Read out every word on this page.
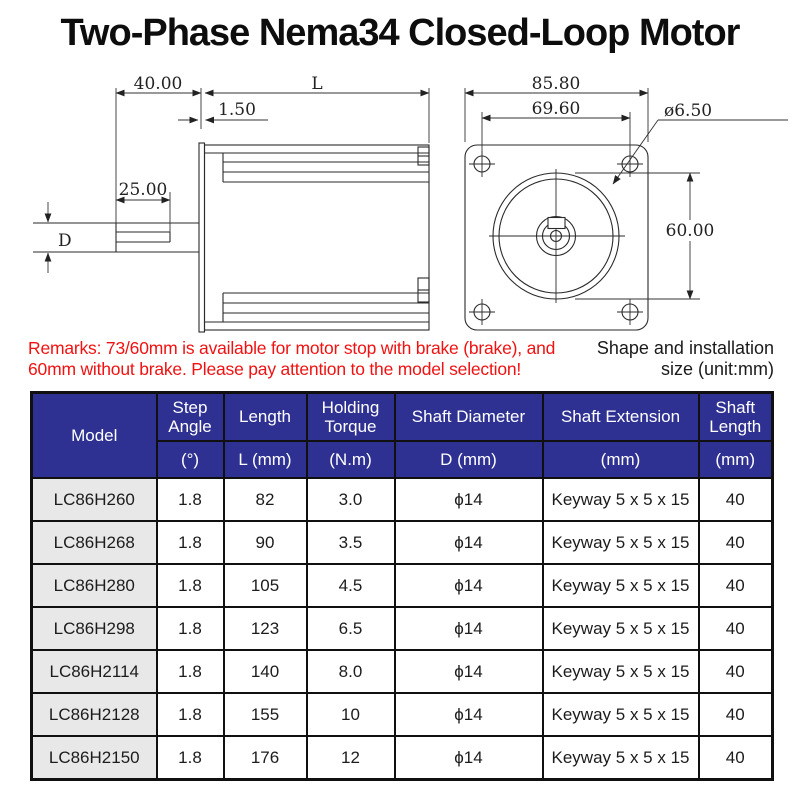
Two-Phase Nema34 Closed-Loop Motor
40.00	L
1.50
25.00
D
85.80
69.60	ø6.50
60.00
Remarks: 73/60mm is available for motor stop with brake (brake), and
60mm without brake. Please pay attention to the model selection!
Shape and installation
size (unit:mm)
Model	Step Angle	Length	Holding Torque	Shaft Diameter	Shaft Extension	Shaft Length
	(°)	L (mm)	(N.m)	D (mm)	(mm)	(mm)
LC86H260	1.8	82	3.0	ϕ14	Keyway 5 x 5 x 15	40
LC86H268	1.8	90	3.5	ϕ14	Keyway 5 x 5 x 15	40
LC86H280	1.8	105	4.5	ϕ14	Keyway 5 x 5 x 15	40
LC86H298	1.8	123	6.5	ϕ14	Keyway 5 x 5 x 15	40
LC86H2114	1.8	140	8.0	ϕ14	Keyway 5 x 5 x 15	40
LC86H2128	1.8	155	10	ϕ14	Keyway 5 x 5 x 15	40
LC86H2150	1.8	176	12	ϕ14	Keyway 5 x 5 x 15	40
